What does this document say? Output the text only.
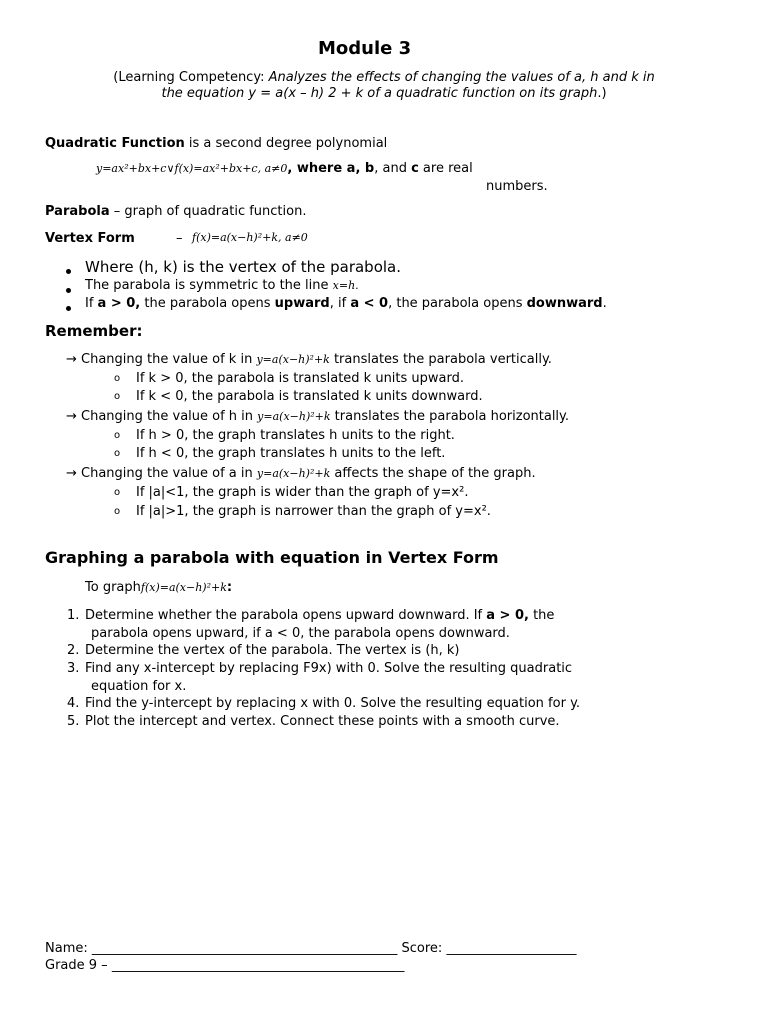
Module 3
(Learning Competency: Analyzes the effects of changing the values of a, h and k in
the equation y = a(x – h) 2 + k of a quadratic function on its graph.)
Quadratic Function is a second degree polynomial
y=ax²+bx+c∨f(x)=ax²+bx+c, a≠0, where a, b, and c are real
numbers.
Parabola – graph of quadratic function.
Vertex Form	– f(x)=a(x−h)²+k, a≠0
Where (h, k) is the vertex of the parabola.
The parabola is symmetric to the line x=h.
If a > 0, the parabola opens upward, if a < 0, the parabola opens downward.
Remember:
→ Changing the value of k in y=a(x−h)²+k translates the parabola vertically.
o If k > 0, the parabola is translated k units upward.
o If k < 0, the parabola is translated k units downward.
→ Changing the value of h in y=a(x−h)²+k translates the parabola horizontally.
o If h > 0, the graph translates h units to the right.
o If h < 0, the graph translates h units to the left.
→ Changing the value of a in y=a(x−h)²+k affects the shape of the graph.
o If |a|<1, the graph is wider than the graph of y=x².
o If |a|>1, the graph is narrower than the graph of y=x².
Graphing a parabola with equation in Vertex Form
To graphf(x)=a(x−h)²+k:
1. Determine whether the parabola opens upward downward. If a > 0, the
parabola opens upward, if a < 0, the parabola opens downward.
2. Determine the vertex of the parabola. The vertex is (h, k)
3. Find any x-intercept by replacing F9x) with 0. Solve the resulting quadratic
equation for x.
4. Find the y-intercept by replacing x with 0. Solve the resulting equation for y.
5. Plot the intercept and vertex. Connect these points with a smooth curve.
Name: _______________________________________________ Score: ____________________
Grade 9 – _____________________________________________
